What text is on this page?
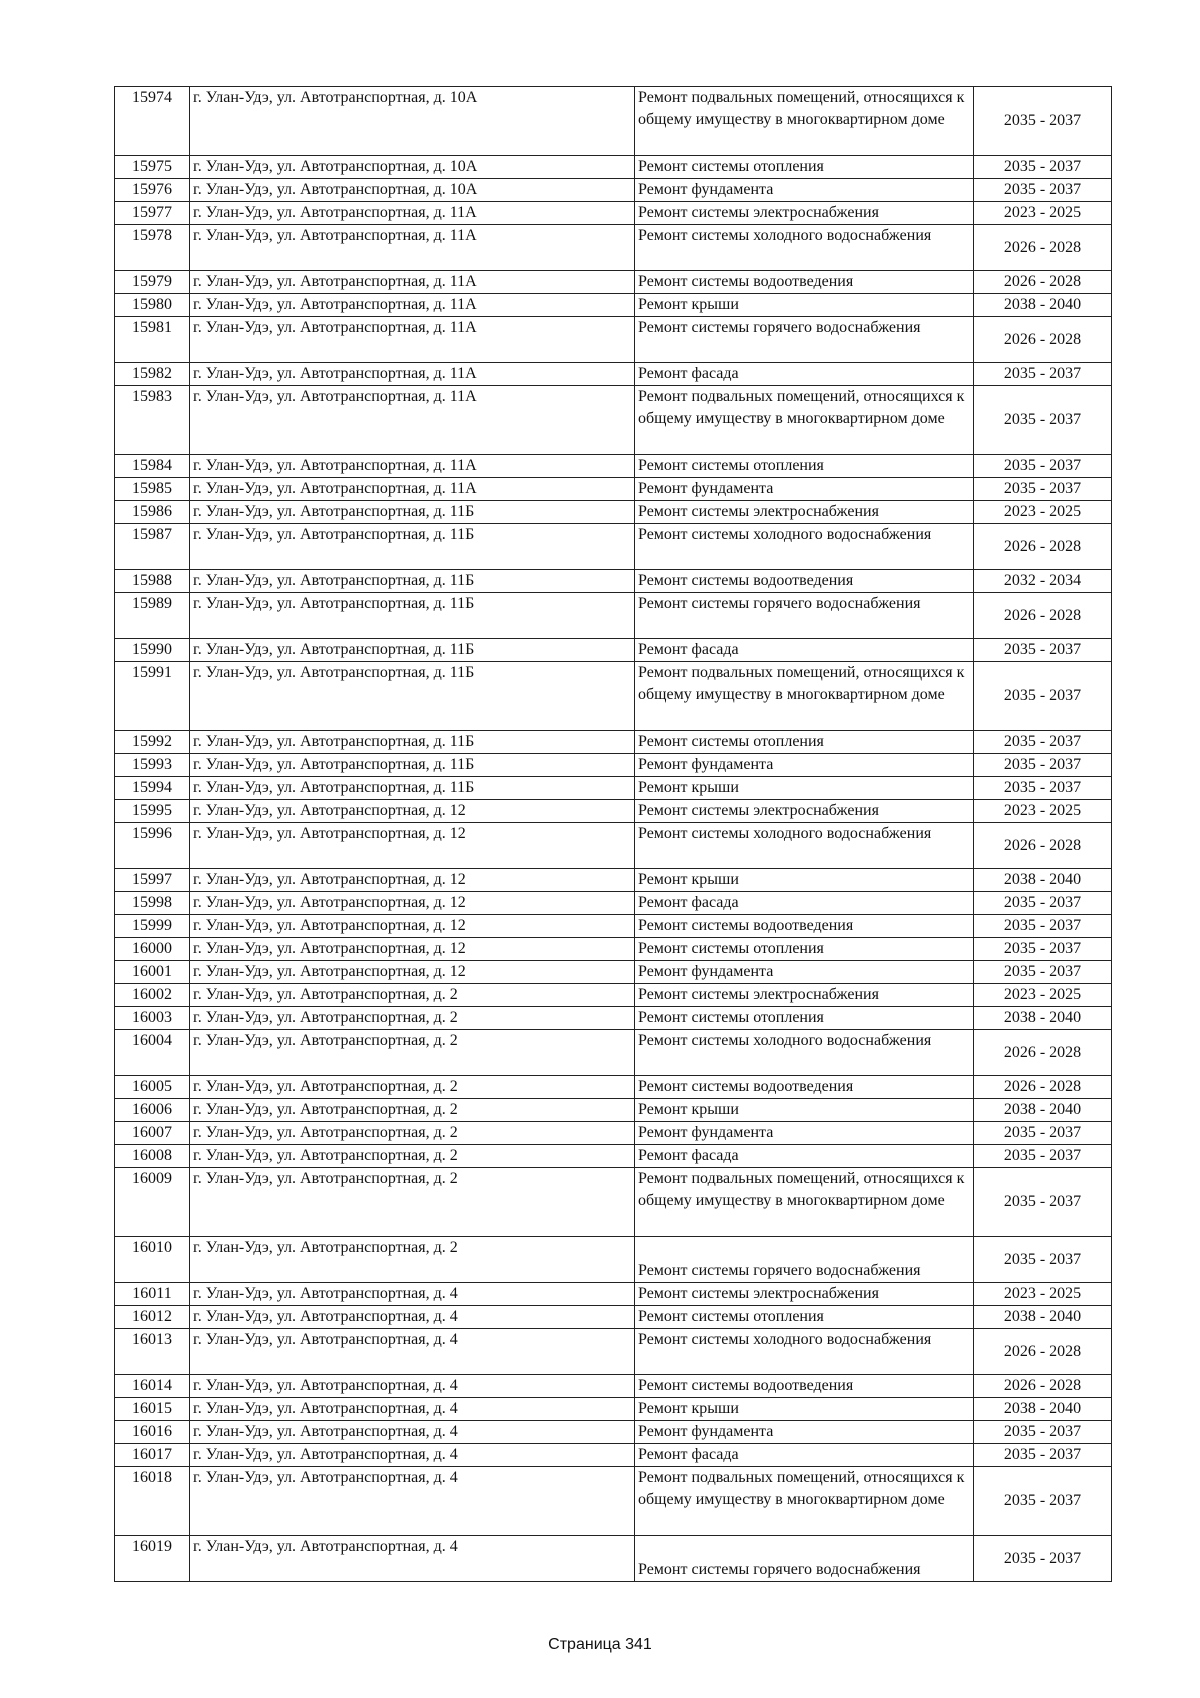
15974	г. Улан-Удэ, ул. Автотранспортная, д. 10А	Ремонт подвальных помещений, относящихся к общему имуществу в многоквартирном доме	2035 - 2037
15975	г. Улан-Удэ, ул. Автотранспортная, д. 10А	Ремонт системы отопления	2035 - 2037
15976	г. Улан-Удэ, ул. Автотранспортная, д. 10А	Ремонт фундамента	2035 - 2037
15977	г. Улан-Удэ, ул. Автотранспортная, д. 11А	Ремонт системы электроснабжения	2023 - 2025
15978	г. Улан-Удэ, ул. Автотранспортная, д. 11А	Ремонт системы холодного водоснабжения	2026 - 2028
15979	г. Улан-Удэ, ул. Автотранспортная, д. 11А	Ремонт системы водоотведения	2026 - 2028
15980	г. Улан-Удэ, ул. Автотранспортная, д. 11А	Ремонт крыши	2038 - 2040
15981	г. Улан-Удэ, ул. Автотранспортная, д. 11А	Ремонт системы горячего водоснабжения	2026 - 2028
15982	г. Улан-Удэ, ул. Автотранспортная, д. 11А	Ремонт фасада	2035 - 2037
15983	г. Улан-Удэ, ул. Автотранспортная, д. 11А	Ремонт подвальных помещений, относящихся к общему имуществу в многоквартирном доме	2035 - 2037
15984	г. Улан-Удэ, ул. Автотранспортная, д. 11А	Ремонт системы отопления	2035 - 2037
15985	г. Улан-Удэ, ул. Автотранспортная, д. 11А	Ремонт фундамента	2035 - 2037
15986	г. Улан-Удэ, ул. Автотранспортная, д. 11Б	Ремонт системы электроснабжения	2023 - 2025
15987	г. Улан-Удэ, ул. Автотранспортная, д. 11Б	Ремонт системы холодного водоснабжения	2026 - 2028
15988	г. Улан-Удэ, ул. Автотранспортная, д. 11Б	Ремонт системы водоотведения	2032 - 2034
15989	г. Улан-Удэ, ул. Автотранспортная, д. 11Б	Ремонт системы горячего водоснабжения	2026 - 2028
15990	г. Улан-Удэ, ул. Автотранспортная, д. 11Б	Ремонт фасада	2035 - 2037
15991	г. Улан-Удэ, ул. Автотранспортная, д. 11Б	Ремонт подвальных помещений, относящихся к общему имуществу в многоквартирном доме	2035 - 2037
15992	г. Улан-Удэ, ул. Автотранспортная, д. 11Б	Ремонт системы отопления	2035 - 2037
15993	г. Улан-Удэ, ул. Автотранспортная, д. 11Б	Ремонт фундамента	2035 - 2037
15994	г. Улан-Удэ, ул. Автотранспортная, д. 11Б	Ремонт крыши	2035 - 2037
15995	г. Улан-Удэ, ул. Автотранспортная, д. 12	Ремонт системы электроснабжения	2023 - 2025
15996	г. Улан-Удэ, ул. Автотранспортная, д. 12	Ремонт системы холодного водоснабжения	2026 - 2028
15997	г. Улан-Удэ, ул. Автотранспортная, д. 12	Ремонт крыши	2038 - 2040
15998	г. Улан-Удэ, ул. Автотранспортная, д. 12	Ремонт фасада	2035 - 2037
15999	г. Улан-Удэ, ул. Автотранспортная, д. 12	Ремонт системы водоотведения	2035 - 2037
16000	г. Улан-Удэ, ул. Автотранспортная, д. 12	Ремонт системы отопления	2035 - 2037
16001	г. Улан-Удэ, ул. Автотранспортная, д. 12	Ремонт фундамента	2035 - 2037
16002	г. Улан-Удэ, ул. Автотранспортная, д. 2	Ремонт системы электроснабжения	2023 - 2025
16003	г. Улан-Удэ, ул. Автотранспортная, д. 2	Ремонт системы отопления	2038 - 2040
16004	г. Улан-Удэ, ул. Автотранспортная, д. 2	Ремонт системы холодного водоснабжения	2026 - 2028
16005	г. Улан-Удэ, ул. Автотранспортная, д. 2	Ремонт системы водоотведения	2026 - 2028
16006	г. Улан-Удэ, ул. Автотранспортная, д. 2	Ремонт крыши	2038 - 2040
16007	г. Улан-Удэ, ул. Автотранспортная, д. 2	Ремонт фундамента	2035 - 2037
16008	г. Улан-Удэ, ул. Автотранспортная, д. 2	Ремонт фасада	2035 - 2037
16009	г. Улан-Удэ, ул. Автотранспортная, д. 2	Ремонт подвальных помещений, относящихся к общему имуществу в многоквартирном доме	2035 - 2037
16010	г. Улан-Удэ, ул. Автотранспортная, д. 2	Ремонт системы горячего водоснабжения	2035 - 2037
16011	г. Улан-Удэ, ул. Автотранспортная, д. 4	Ремонт системы электроснабжения	2023 - 2025
16012	г. Улан-Удэ, ул. Автотранспортная, д. 4	Ремонт системы отопления	2038 - 2040
16013	г. Улан-Удэ, ул. Автотранспортная, д. 4	Ремонт системы холодного водоснабжения	2026 - 2028
16014	г. Улан-Удэ, ул. Автотранспортная, д. 4	Ремонт системы водоотведения	2026 - 2028
16015	г. Улан-Удэ, ул. Автотранспортная, д. 4	Ремонт крыши	2038 - 2040
16016	г. Улан-Удэ, ул. Автотранспортная, д. 4	Ремонт фундамента	2035 - 2037
16017	г. Улан-Удэ, ул. Автотранспортная, д. 4	Ремонт фасада	2035 - 2037
16018	г. Улан-Удэ, ул. Автотранспортная, д. 4	Ремонт подвальных помещений, относящихся к общему имуществу в многоквартирном доме	2035 - 2037
16019	г. Улан-Удэ, ул. Автотранспортная, д. 4	Ремонт системы горячего водоснабжения	2035 - 2037
Страница 341
